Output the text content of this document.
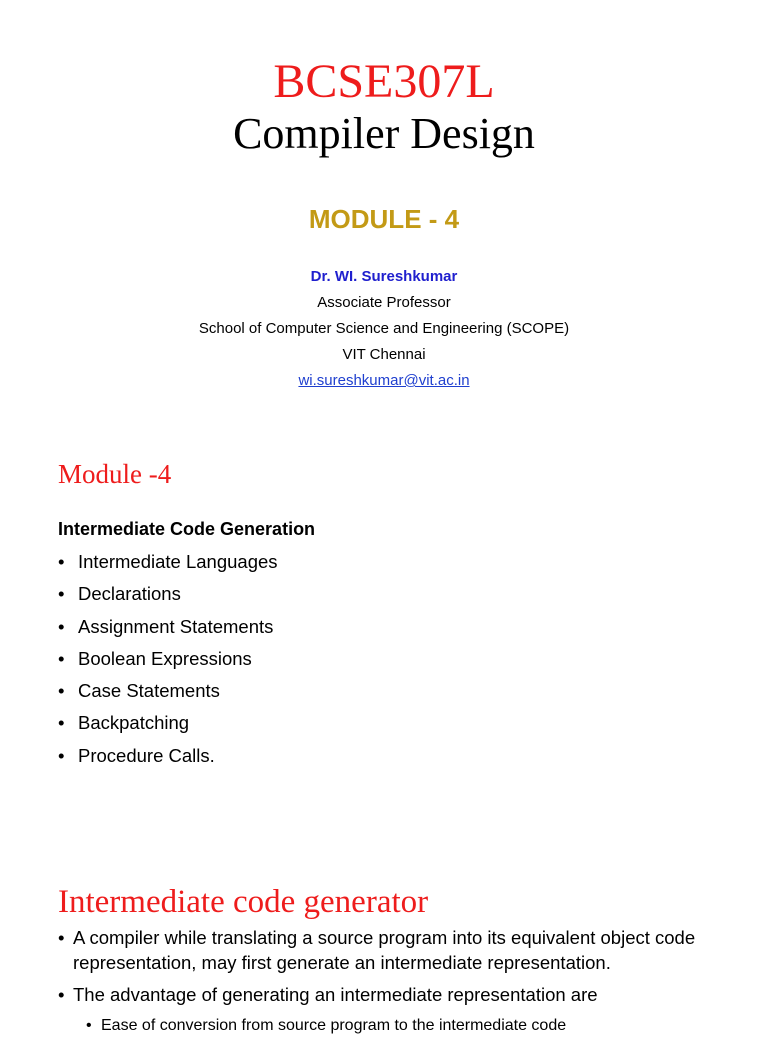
BCSE307L
Compiler Design
MODULE - 4
Dr. WI. Sureshkumar
Associate Professor
School of Computer Science and Engineering (SCOPE)
VIT Chennai
wi.sureshkumar@vit.ac.in
Module -4
Intermediate Code Generation
• Intermediate Languages
• Declarations
• Assignment Statements
• Boolean Expressions
• Case Statements
• Backpatching
• Procedure Calls.
Intermediate code generator
• A compiler while translating a source program into its equivalent object code representation, may first generate an intermediate representation.
• The advantage of generating an intermediate representation are
• Ease of conversion from source program to the intermediate code
